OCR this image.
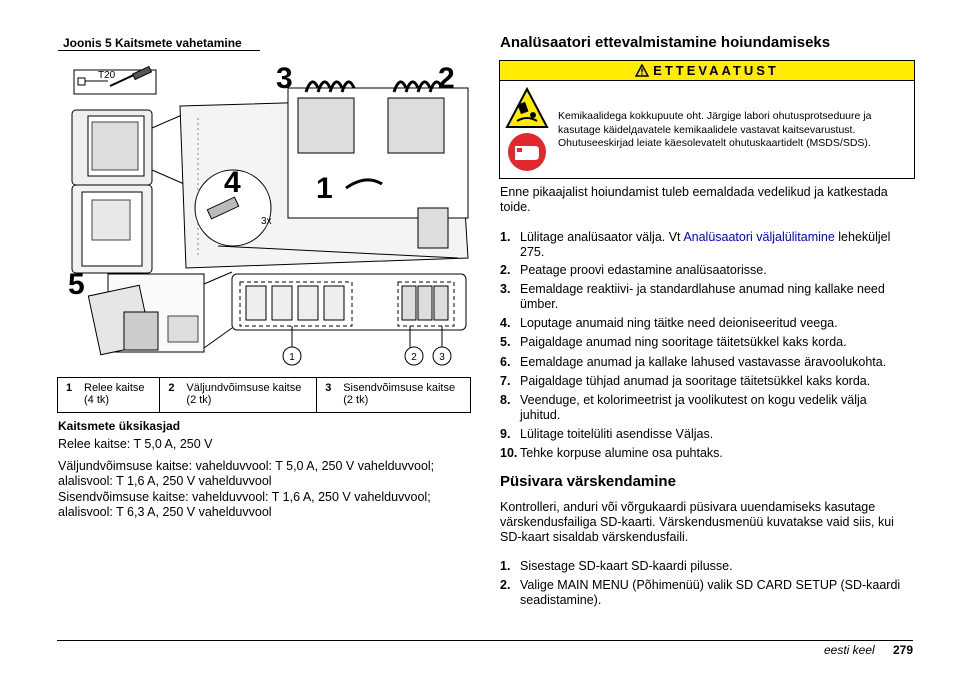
Joonis 5 Kaitsmete vahetamine
T20	3	2
4	1
3x
5
1	2 3
1	Relee kaitse (4 tk)	2	Väljundvõimsuse kaitse (2 tk)	3	Sisendvõimsuse kaitse (2 tk)
Kaitsmete üksikasjad
Relee kaitse: T 5,0 A, 250 V
Väljundvõimsuse kaitse: vahelduvvool: T 5,0 A, 250 V vahelduvvool; alalisvool: T 1,6 A, 250 V vahelduvvool
Sisendvõimsuse kaitse: vahelduvvool: T 1,6 A, 250 V vahelduvvool; alalisvool: T 6,3 A, 250 V vahelduvvool
Analüsaatori ettevalmistamine hoiundamiseks
ETTEVAATUST
Kemikaalidega kokkupuute oht. Järgige labori ohutusprotseduure ja kasutage käidelдavatele kemikaalidele vastavat kaitsevarustust. Ohutuseeskirjad leiate käesolevatelt ohutuskaartidelt (MSDS/SDS).
Enne pikaajalist hoiundamist tuleb eemaldada vedelikud ja katkestada toide.
1. Lülitage analüsaator välja. Vt Analüsaatori väljalülitamine leheküljel 275.
2. Peatage proovi edastamine analüsaatorisse.
3. Eemaldage reaktiivi- ja standardlahuse anumad ning kallake need ümber.
4. Loputage anumaid ning täitke need deioniseeritud veega.
5. Paigaldage anumad ning sooritage täitetsükkel kaks korda.
6. Eemaldage anumad ja kallake lahused vastavasse äravoolukohta.
7. Paigaldage tühjad anumad ja sooritage täitetsükkel kaks korda.
8. Veenduge, et kolorimeetrist ja voolikutest on kogu vedelik välja juhitud.
9. Lülitage toitelüliti asendisse Väljas.
10. Tehke korpuse alumine osa puhtaks.
Püsivara värskendamine
Kontrolleri, anduri või võrgukaardi püsivara uuendamiseks kasutage värskendusfailiga SD-kaarti. Värskendusmenüü kuvatakse vaid siis, kui SD-kaart sisaldab värskendusfaili.
1. Sisestage SD-kaart SD-kaardi pilusse.
2. Valige MAIN MENU (Põhimenüü) valik SD CARD SETUP (SD-kaardi seadistamine).
eesti keel 279
